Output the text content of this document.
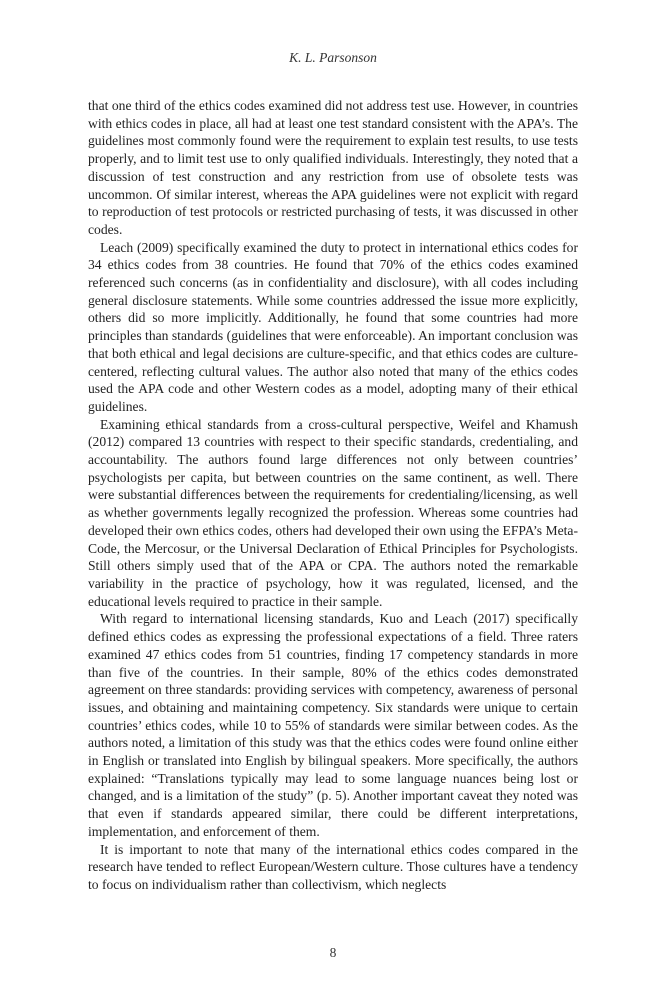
K. L. Parsonson

that one third of the ethics codes examined did not address test use. However, in countries with ethics codes in place, all had at least one test standard consistent with the APA’s. The guidelines most commonly found were the requirement to explain test results, to use tests properly, and to limit test use to only qualified individuals. Interestingly, they noted that a discussion of test construction and any restriction from use of obsolete tests was uncommon. Of similar interest, whereas the APA guidelines were not explicit with regard to reproduction of test protocols or restricted purchasing of tests, it was discussed in other codes.

Leach (2009) specifically examined the duty to protect in international ethics codes for 34 ethics codes from 38 countries. He found that 70% of the ethics codes examined referenced such concerns (as in confidentiality and disclosure), with all codes including general disclosure statements. While some countries addressed the issue more explicitly, others did so more implicitly. Additionally, he found that some countries had more principles than standards (guidelines that were enforceable). An important conclusion was that both ethical and legal decisions are culture-specific, and that ethics codes are culture-centered, reflecting cultural values. The author also noted that many of the ethics codes used the APA code and other Western codes as a model, adopting many of their ethical guidelines.

Examining ethical standards from a cross-cultural perspective, Weifel and Khamush (2012) compared 13 countries with respect to their specific standards, credentialing, and accountability. The authors found large differences not only between countries’ psychologists per capita, but between countries on the same continent, as well. There were substantial differences between the requirements for credentialing/licensing, as well as whether governments legally recognized the profession. Whereas some countries had developed their own ethics codes, others had developed their own using the EFPA’s Meta-Code, the Mercosur, or the Universal Declaration of Ethical Principles for Psychologists. Still others simply used that of the APA or CPA. The authors noted the remarkable variability in the practice of psychology, how it was regulated, licensed, and the educational levels required to practice in their sample.

With regard to international licensing standards, Kuo and Leach (2017) specifically defined ethics codes as expressing the professional expectations of a field. Three raters examined 47 ethics codes from 51 countries, finding 17 competency standards in more than five of the countries. In their sample, 80% of the ethics codes demonstrated agreement on three standards: providing services with competency, awareness of personal issues, and obtaining and maintaining competency. Six standards were unique to certain countries’ ethics codes, while 10 to 55% of standards were similar between codes. As the authors noted, a limitation of this study was that the ethics codes were found online either in English or translated into English by bilingual speakers. More specifically, the authors explained: “Translations typically may lead to some language nuances being lost or changed, and is a limitation of the study” (p. 5). Another important caveat they noted was that even if standards appeared similar, there could be different interpretations, implementation, and enforcement of them.

It is important to note that many of the international ethics codes compared in the research have tended to reflect European/Western culture. Those cultures have a tendency to focus on individualism rather than collectivism, which neglects

8
